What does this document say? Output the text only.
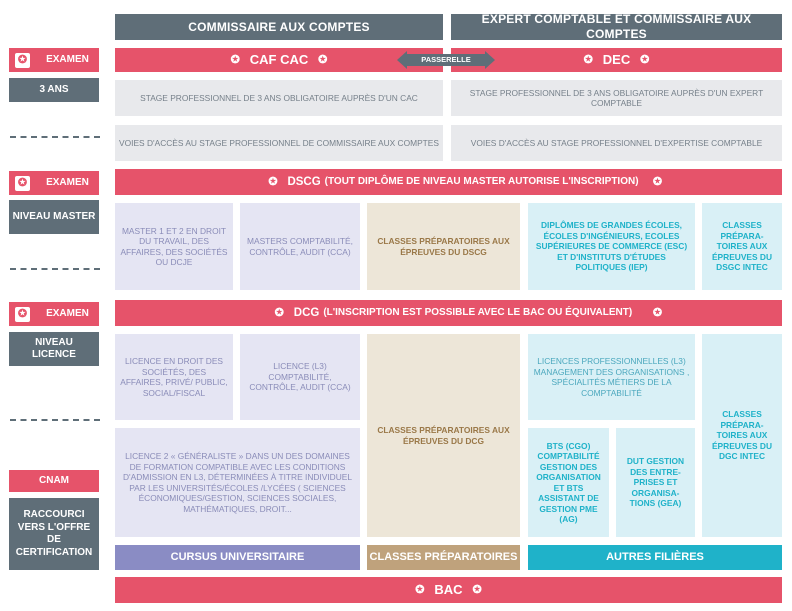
COMMISSAIRE AUX COMPTES
EXPERT COMPTABLE ET COMMISSAIRE AUX COMPTES
✪	EXAMEN
3 ANS
✪	EXAMEN
NIVEAU MASTER
✪	EXAMEN
NIVEAU LICENCE
CNAM
RACCOURCI VERS L'OFFRE DE CERTIFICATION
✪ CAF CAC ✪	✪ DEC ✪
PASSERELLE
STAGE PROFESSIONNEL DE 3 ANS OBLIGATOIRE AUPRÈS D'UN CAC
STAGE PROFESSIONNEL DE 3 ANS OBLIGATOIRE AUPRÈS D'UN EXPERT COMPTABLE
VOIES D'ACCÈS AU STAGE PROFESSIONNEL DE COMMISSAIRE AUX COMPTES	VOIES D'ACCÈS AU STAGE PROFESSIONNEL D'EXPERTISE COMPTABLE
✪ DSCG (TOUT DIPLÔME DE NIVEAU MASTER AUTORISE L'INSCRIPTION) ✪
MASTER 1 ET 2 EN DROIT DU TRAVAIL, DES AFFAIRES, DES SOCIÉTÉS OU DCJE
MASTERS COMPTABILITÉ, CONTRÔLE, AUDIT (CCA)
CLASSES PRÉPARATOIRES AUX ÉPREUVES DU DSCG
DIPLÔMES DE GRANDES ÉCOLES, ÉCOLES D'INGÉNIEURS, ECOLES SUPÉRIEURES DE COMMERCE (ESC) ET D'INSTITUTS D'ÉTUDES POLITIQUES (IEP)
CLASSES PRÉPARA-TOIRES AUX ÉPREUVES DU DSGC INTEC
✪ DCG (L'INSCRIPTION EST POSSIBLE AVEC LE BAC OU ÉQUIVALENT) ✪
LICENCE EN DROIT DES SOCIÉTÉS, DES AFFAIRES, PRIVÉ/ PUBLIC, SOCIAL/FISCAL
LICENCE (L3) COMPTABILITÉ, CONTRÔLE, AUDIT (CCA)
CLASSES PRÉPARATOIRES AUX ÉPREUVES DU DCG
LICENCES PROFESSIONNELLES (L3) MANAGEMENT DES ORGANISATIONS , SPÉCIALITÉS MÉTIERS DE LA COMPTABILITÉ
CLASSES PRÉPARA-TOIRES AUX ÉPREUVES DU DGC INTEC
LICENCE 2 « GÉNÉRALISTE » DANS UN DES DOMAINES DE FORMATION COMPATIBLE AVEC LES CONDITIONS D'ADMISSION EN L3, DÉTERMINÉES À TITRE INDIVIDUEL PAR LES UNIVERSITÉS/ÉCOLES /LYCÉES ( SCIENCES ÉCONOMIQUES/GESTION, SCIENCES SOCIALES, MATHÉMATIQUES, DROIT...
BTS (CGO) COMPTABILITÉ GESTION DES ORGANISATION ET BTS ASSISTANT DE GESTION PME (AG)
DUT GESTION DES ENTRE-PRISES ET ORGANISA-TIONS (GEA)
CURSUS UNIVERSITAIRE	CLASSES PRÉPARATOIRES	AUTRES FILIÈRES
✪ BAC ✪
